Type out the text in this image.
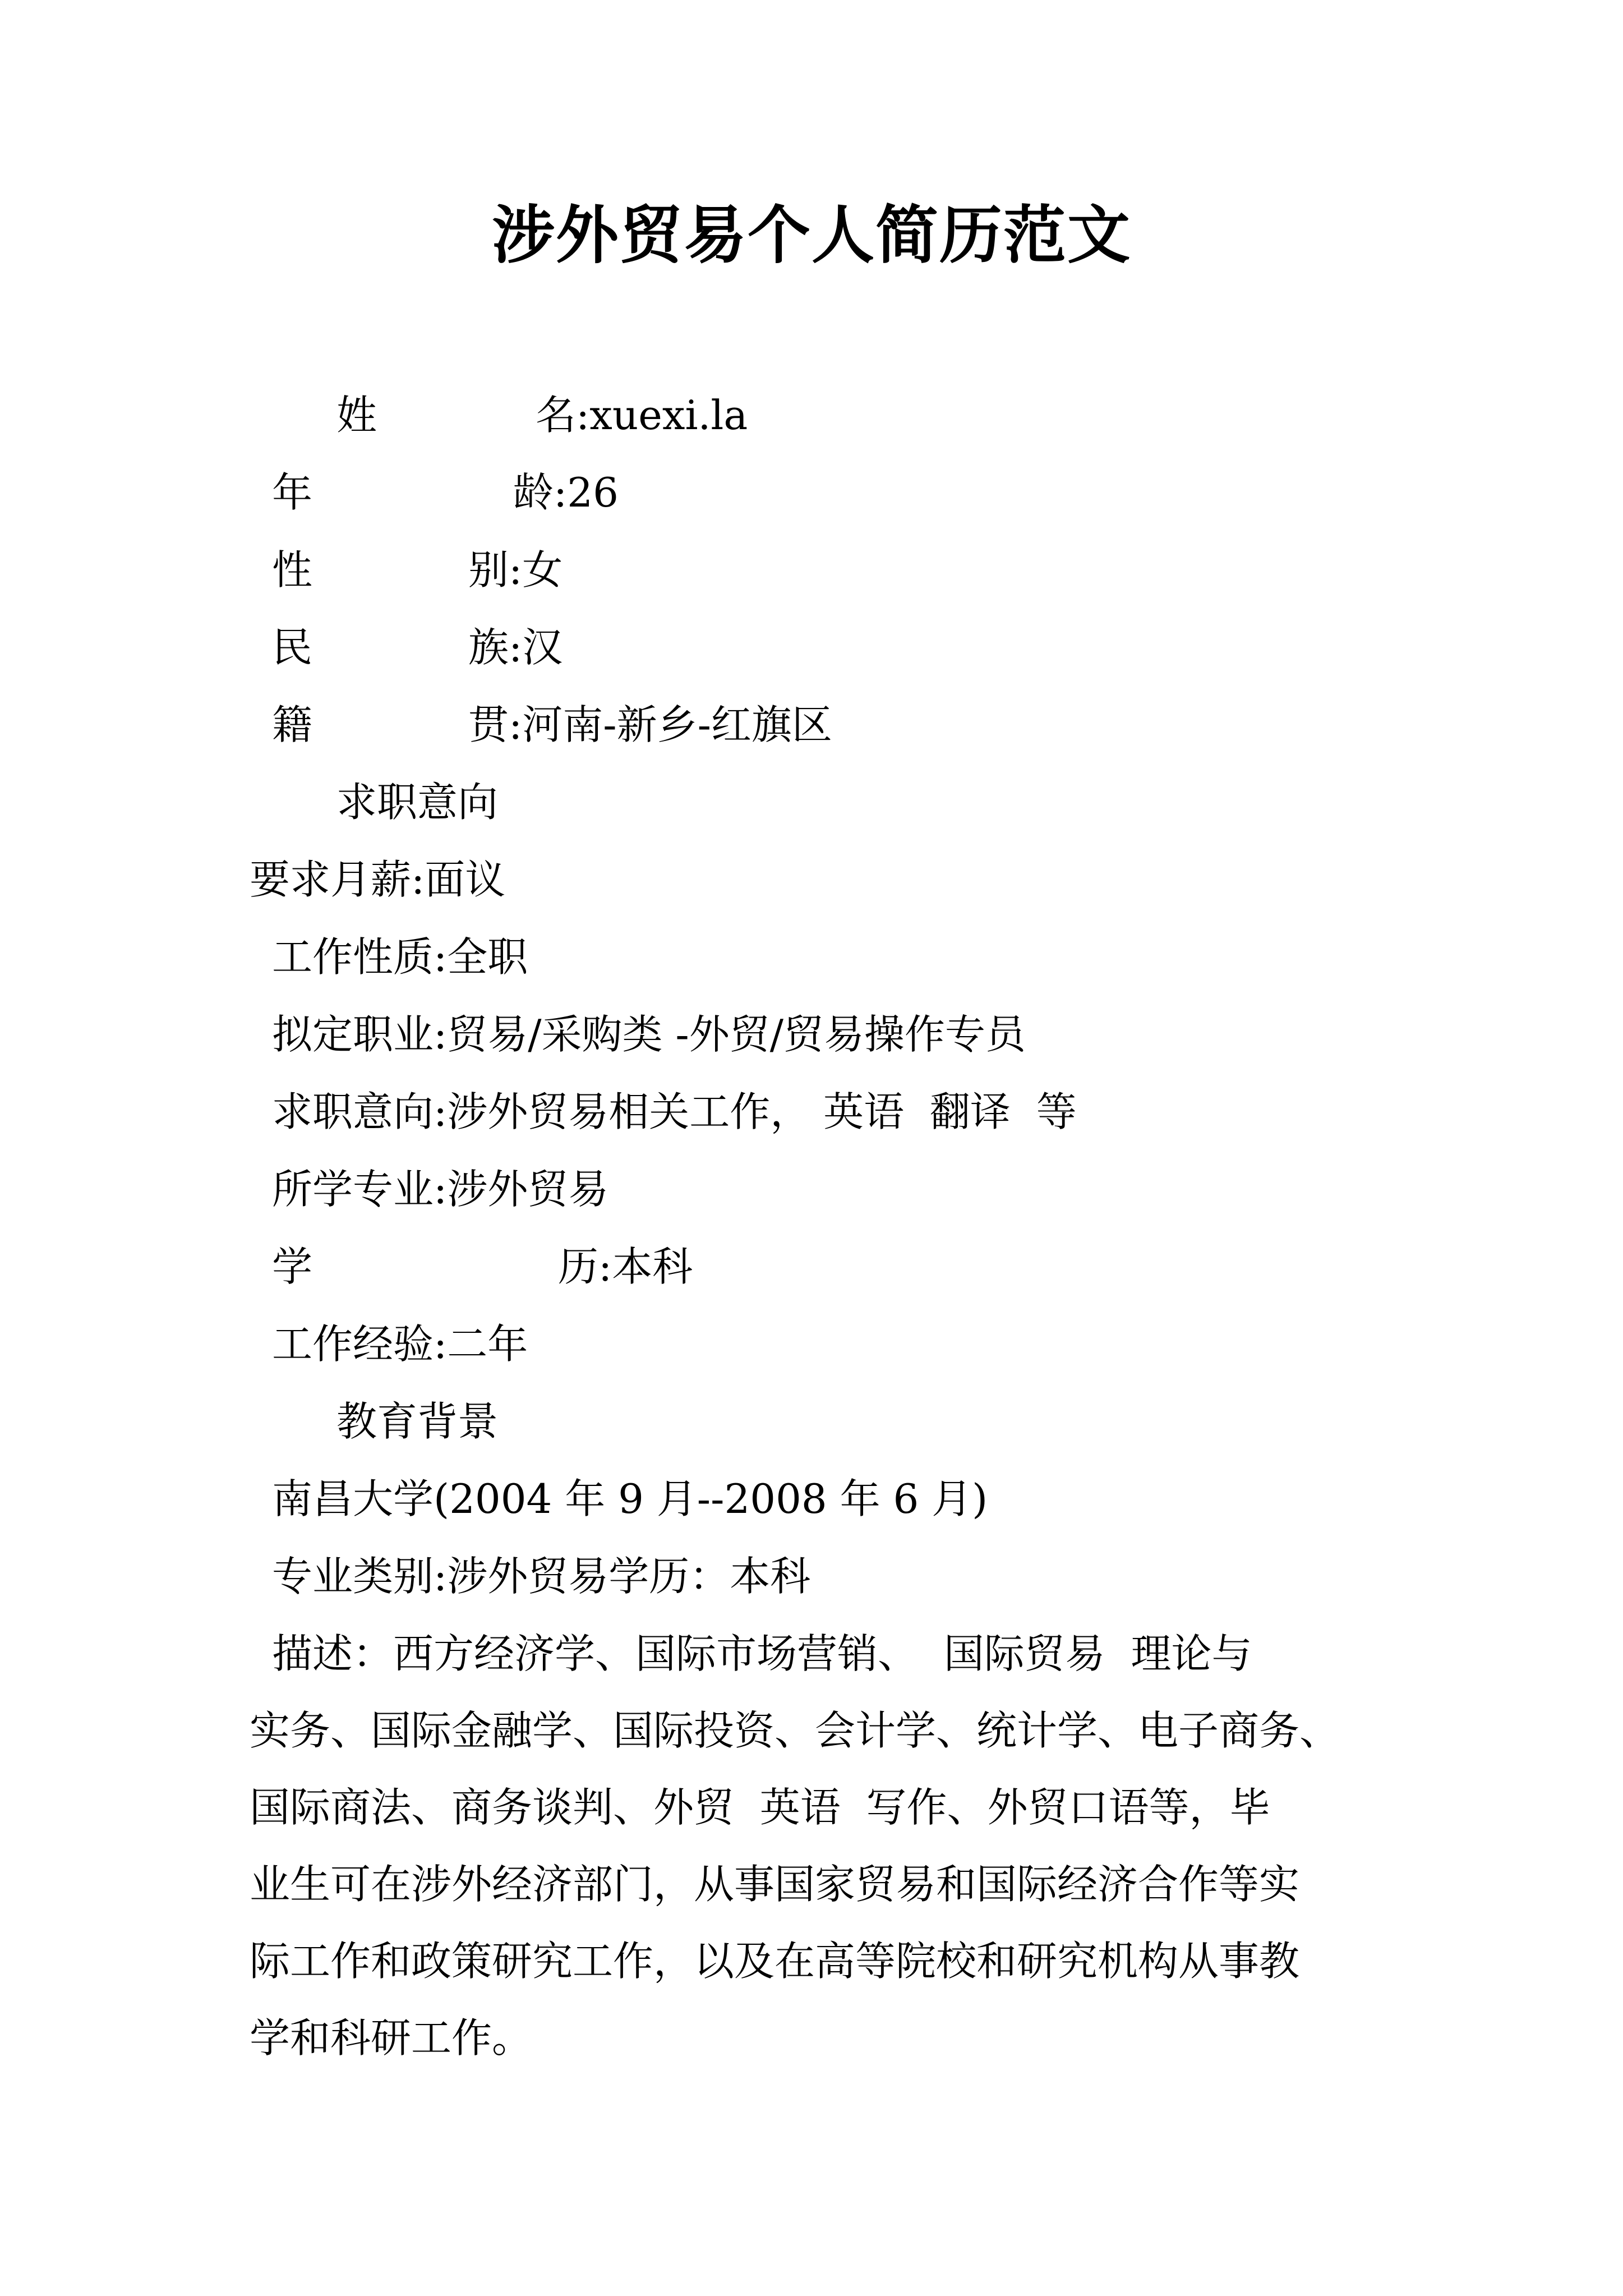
涉外贸易个人简历范文
姓	名:xuexi.la
年	龄:26
性	别:女
民	族:汉
籍	贯:河南-新乡-红旗区
求职意向
要求月薪:面议
工作性质:全职
拟定职业:贸易/采购类 -外贸/贸易操作专员
求职意向:涉外贸易相关工作， 英语  翻译  等
所学专业:涉外贸易
学	历:本科
工作经验:二年
教育背景
南昌大学(2004 年 9 月--2008 年 6 月)
专业类别:涉外贸易学历：本科
描述：西方经济学、国际市场营销、  国际贸易  理论与
实务、国际金融学、国际投资、会计学、统计学、电子商务、
国际商法、商务谈判、外贸  英语  写作、外贸口语等，毕
业生可在涉外经济部门，从事国家贸易和国际经济合作等实
际工作和政策研究工作，以及在高等院校和研究机构从事教
学和科研工作。
